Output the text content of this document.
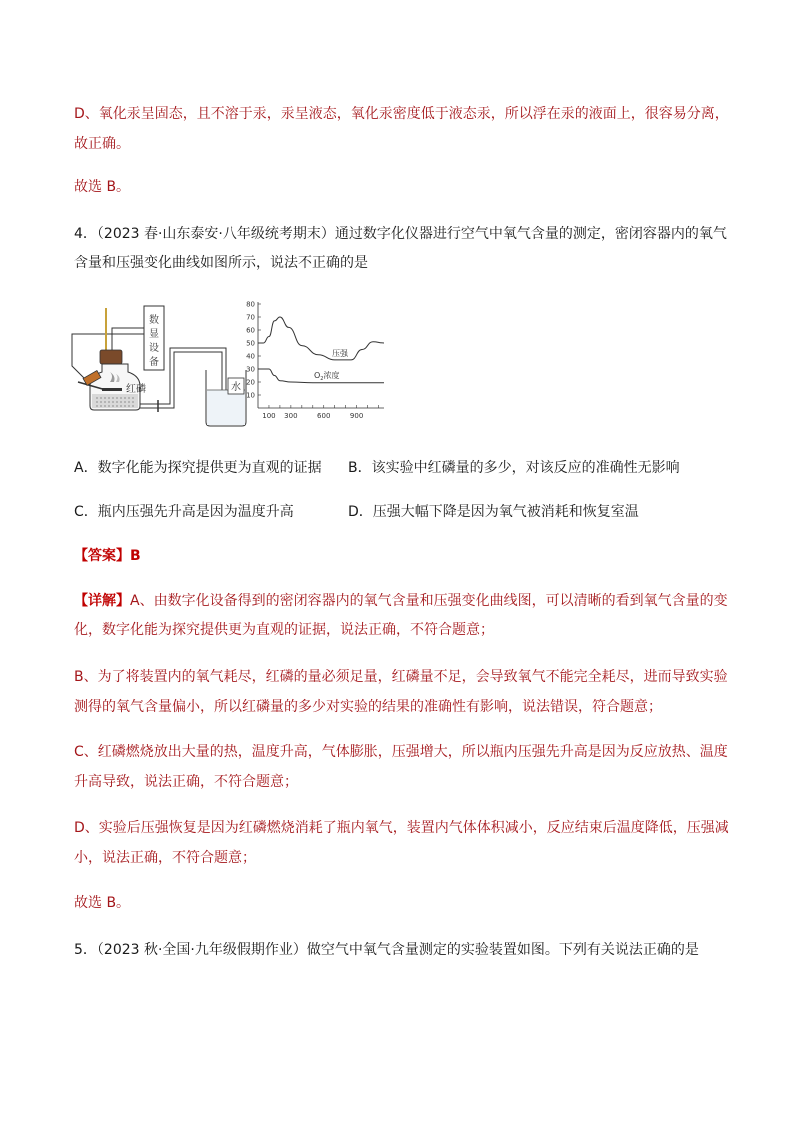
D、氧化汞呈固态，且不溶于汞，汞呈液态，氧化汞密度低于液态汞，所以浮在汞的液面上，很容易分离，
故正确。
故选 B。
4．（2023 春·山东泰安·八年级统考期末）通过数字化仪器进行空气中氧气含量的测定，密闭容器内的氧气
含量和压强变化曲线如图所示，说法不正确的是
数
显
设
备
红磷	水
80
70
60
50
40
30
20
10
100 300	600	900
压强
$O_2$浓度
A．数字化能为探究提供更为直观的证据 B．该实验中红磷量的多少，对该反应的准确性无影响
C．瓶内压强先升高是因为温度升高	D．压强大幅下降是因为氧气被消耗和恢复室温
【答案】B
【详解】A、由数字化设备得到的密闭容器内的氧气含量和压强变化曲线图，可以清晰的看到氧气含量的变
化，数字化能为探究提供更为直观的证据，说法正确，不符合题意；
B、为了将装置内的氧气耗尽，红磷的量必须足量，红磷量不足，会导致氧气不能完全耗尽，进而导致实验
测得的氧气含量偏小，所以红磷量的多少对实验的结果的准确性有影响，说法错误，符合题意；
C、红磷燃烧放出大量的热，温度升高，气体膨胀，压强增大，所以瓶内压强先升高是因为反应放热、温度
升高导致，说法正确，不符合题意；
D、实验后压强恢复是因为红磷燃烧消耗了瓶内氧气，装置内气体体积减小，反应结束后温度降低，压强减
小，说法正确，不符合题意；
故选 B。
5．（2023 秋·全国·九年级假期作业）做空气中氧气含量测定的实验装置如图。下列有关说法正确的是
